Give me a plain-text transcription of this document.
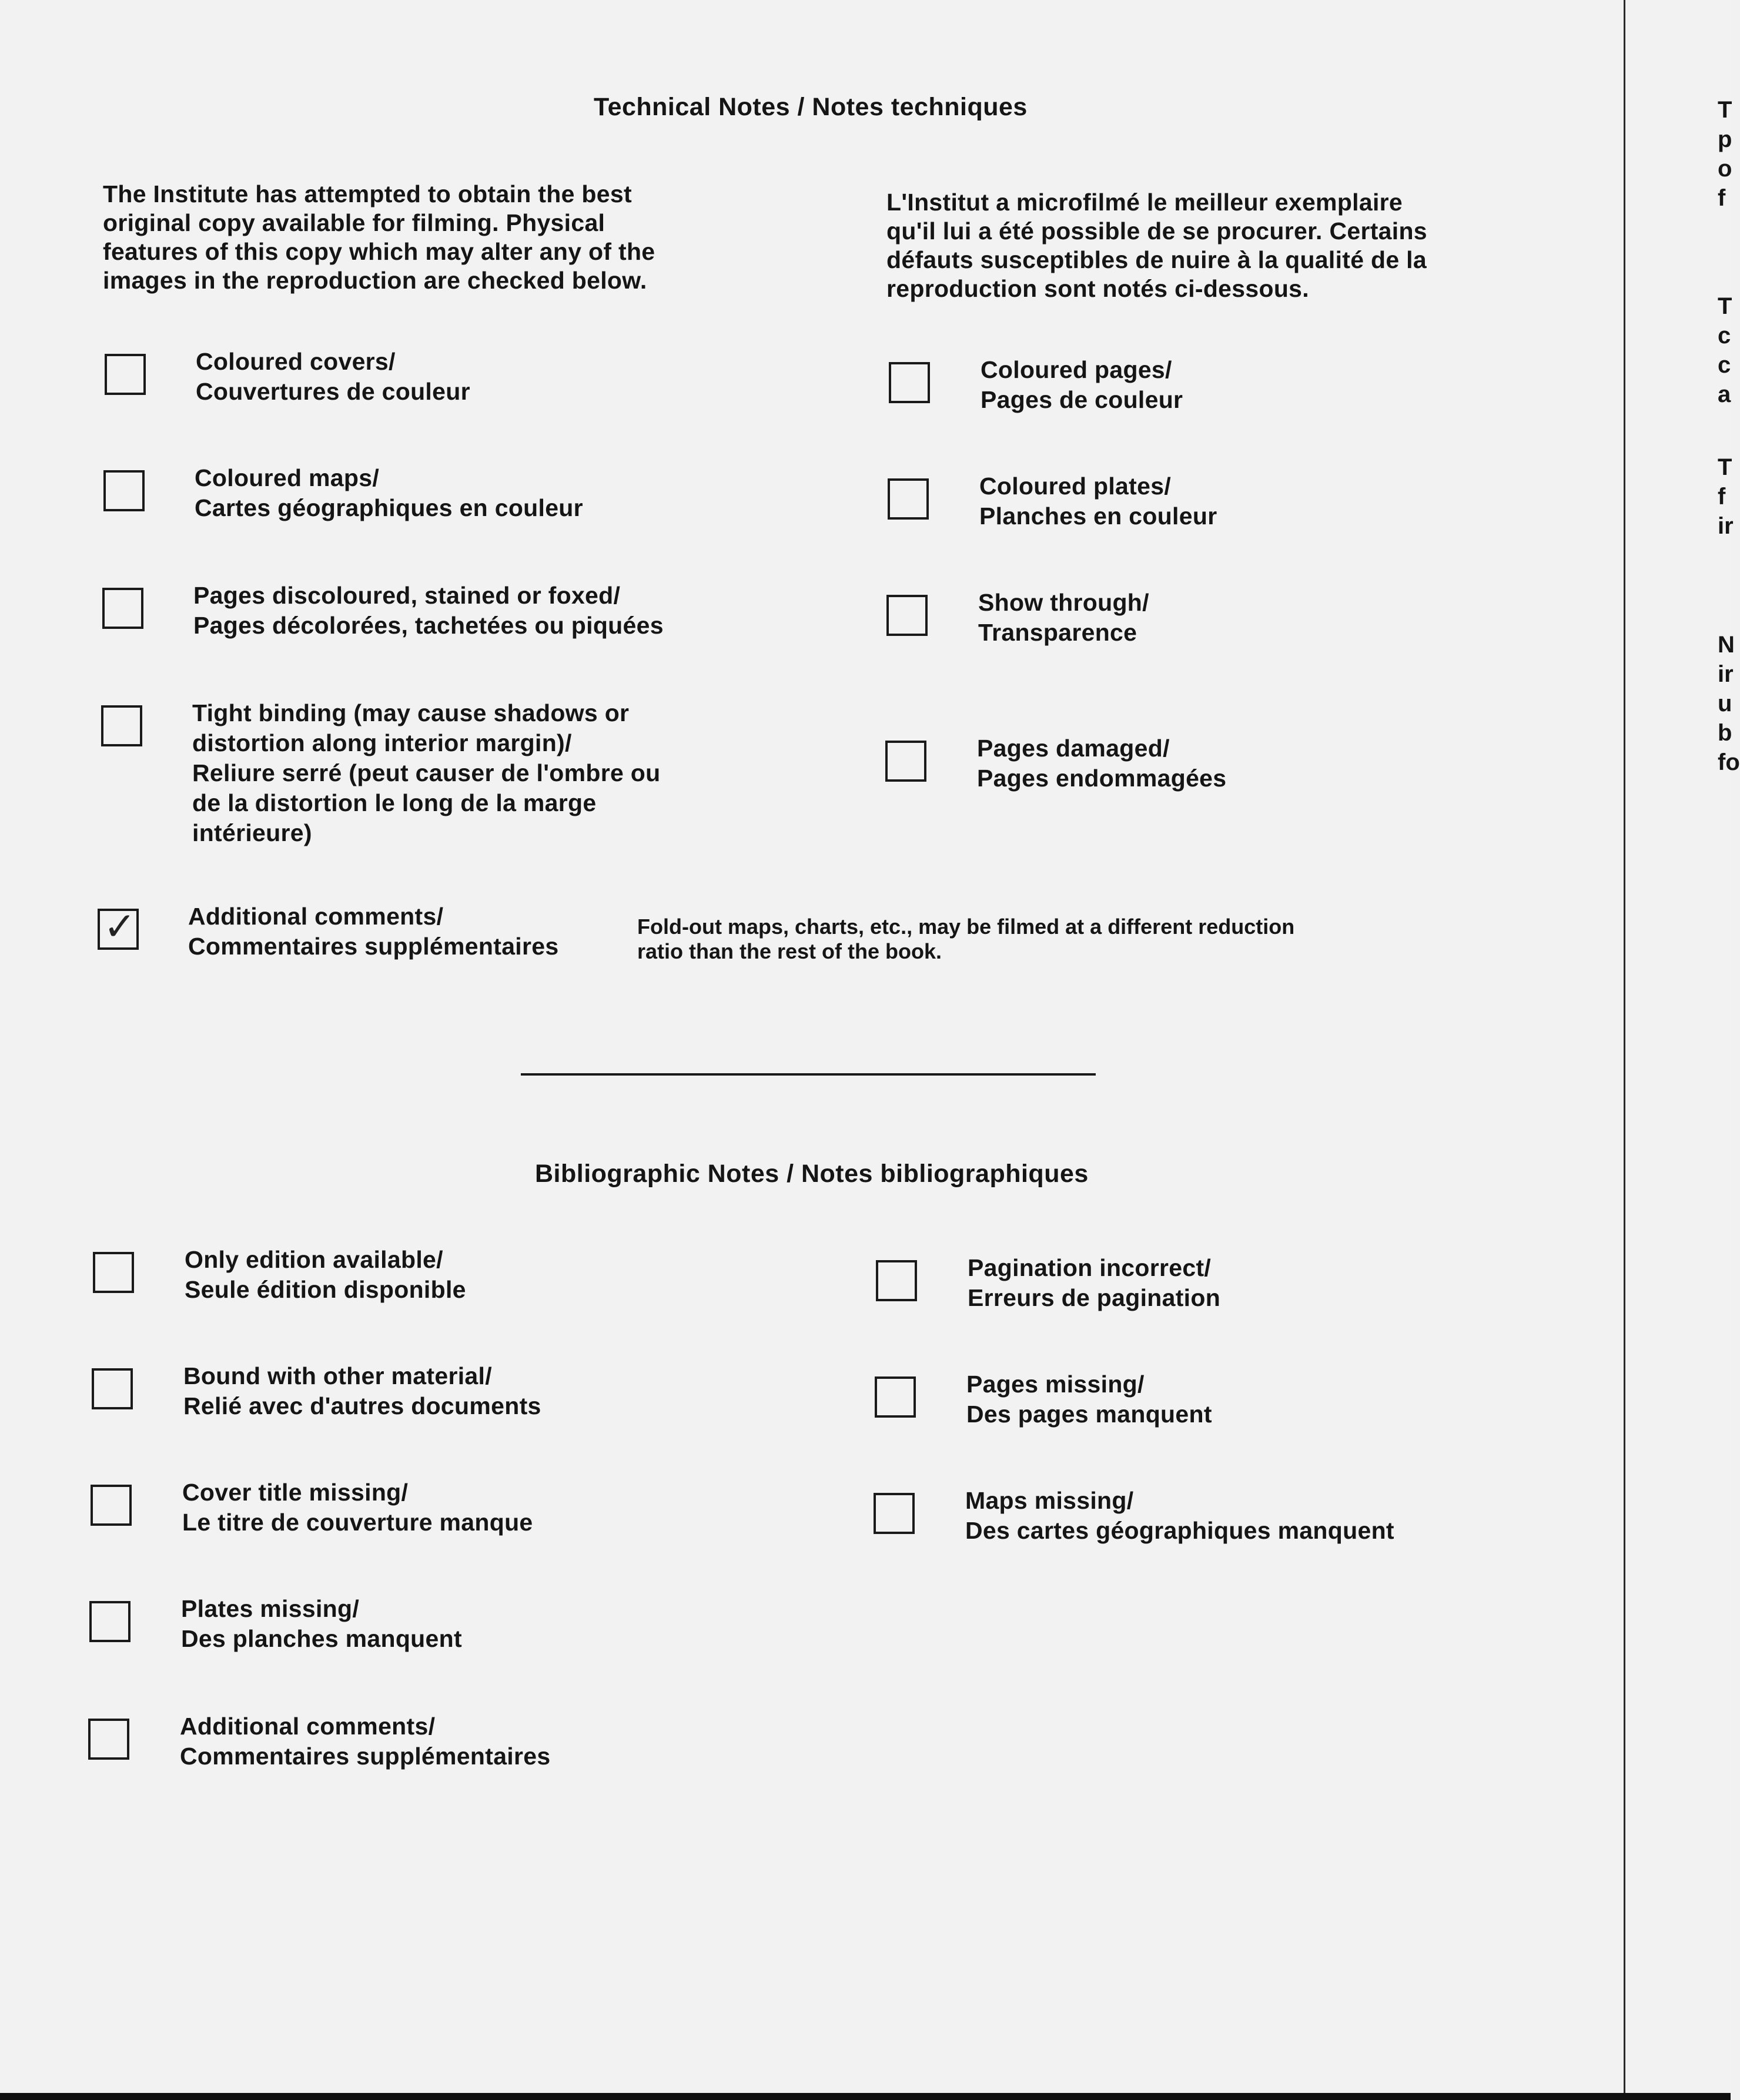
Technical Notes / Notes techniques
The Institute has attempted to obtain the best
original copy available for filming. Physical
features of this copy which may alter any of the
images in the reproduction are checked below.
L'Institut a microfilmé le meilleur exemplaire
qu'il lui a été possible de se procurer. Certains
défauts susceptibles de nuire à la qualité de la
reproduction sont notés ci-dessous.
Coloured covers/
Couvertures de couleur
Coloured maps/
Cartes géographiques en couleur
Pages discoloured, stained or foxed/
Pages décolorées, tachetées ou piquées
Tight binding (may cause shadows or
distortion along interior margin)/
Reliure serré (peut causer de l'ombre ou
de la distortion le long de la marge
intérieure)
Coloured pages/
Pages de couleur
Coloured plates/
Planches en couleur
Show through/
Transparence
Pages damaged/
Pages endommagées
✓ Additional comments/
Commentaires supplémentaires
Fold-out maps, charts, etc., may be filmed at a different reduction
ratio than the rest of the book.
Bibliographic Notes / Notes bibliographiques
Only edition available/
Seule édition disponible
Bound with other material/
Relié avec d'autres documents
Cover title missing/
Le titre de couverture manque
Plates missing/
Des planches manquent
Additional comments/
Commentaires supplémentaires
Pagination incorrect/
Erreurs de pagination
Pages missing/
Des pages manquent
Maps missing/
Des cartes géographiques manquent
T
p
o
f
T
c
c
a
T
f
ir
N
ir
u
b
fo
